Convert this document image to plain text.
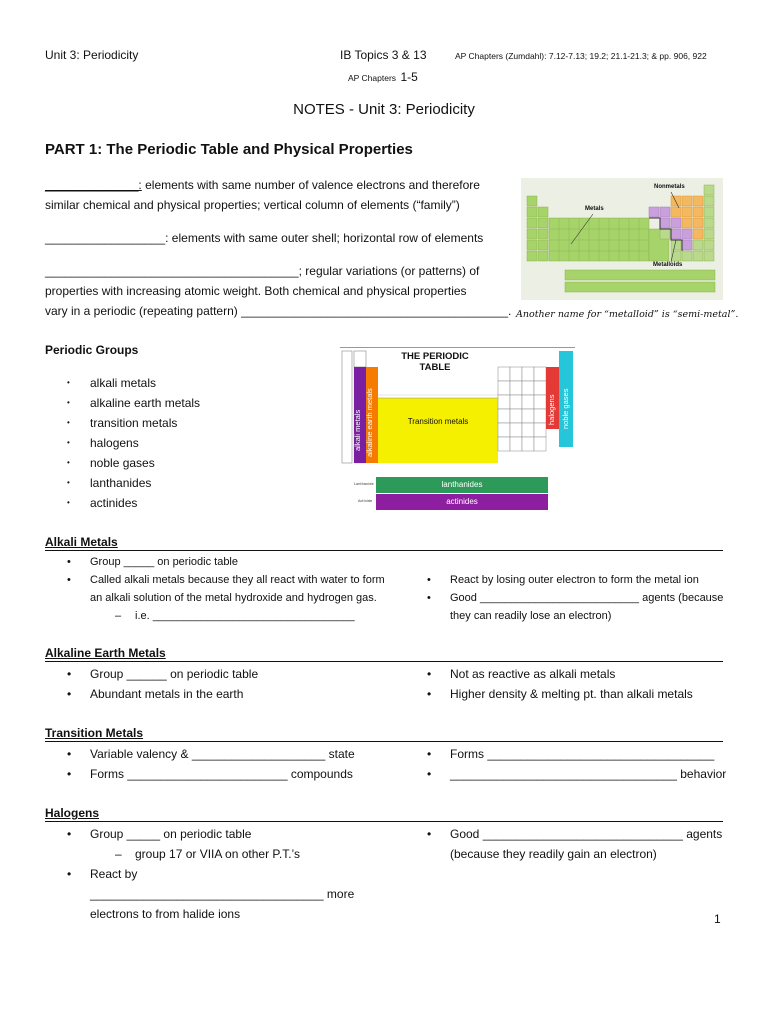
Unit 3: Periodicity	IB Topics 3 & 13	AP Chapters (Zumdahl): 7.12-7.13; 19.2; 21.1-21.3; & pp. 906, 922
AP Chapters 1-5
NOTES - Unit 3: Periodicity
PART 1: The Periodic Table and Physical Properties
______________: elements with same number of valence electrons and therefore
similar chemical and physical properties; vertical column of elements (“family”)
__________________: elements with same outer shell; horizontal row of elements
______________________________________; regular variations (or patterns) of
properties with increasing atomic weight. Both chemical and physical properties
vary in a periodic (repeating pattern) ________________________________________.
Nonmetals
Metals
Metalloids
Another name for “metalloid” is “semi-metal”.
Periodic Groups
• alkali metals
• alkaline earth metals
• transition metals
• halogens
• noble gases
• lanthanides
• actinides
Lanthanide
Actinide
THE PERIODIC
TABLE
alkali metals alkaline earth metals	Transition metals	halogens noble gases
lanthanides
actinides
Alkali Metals
• Group _____ on periodic table
• Called alkali metals because they all react with water to form an alkali solution of the metal hydroxide and hydrogen gas.
– i.e. _________________________________
• React by losing outer electron to form the metal ion
• Good __________________________ agents (because they can readily lose an electron)
Alkaline Earth Metals
• Group ______ on periodic table
• Abundant metals in the earth
• Not as reactive as alkali metals
• Higher density & melting pt. than alkali metals
Transition Metals
• Variable valency & ____________________ state
• Forms ________________________ compounds
• Forms __________________________________
• __________________________________ behavior
Halogens
• Group _____ on periodic table
– group 17 or VIIA on other P.T.’s
• React by ___________________________________ more electrons to from halide ions
• Good ______________________________ agents (because they readily gain an electron)
1
